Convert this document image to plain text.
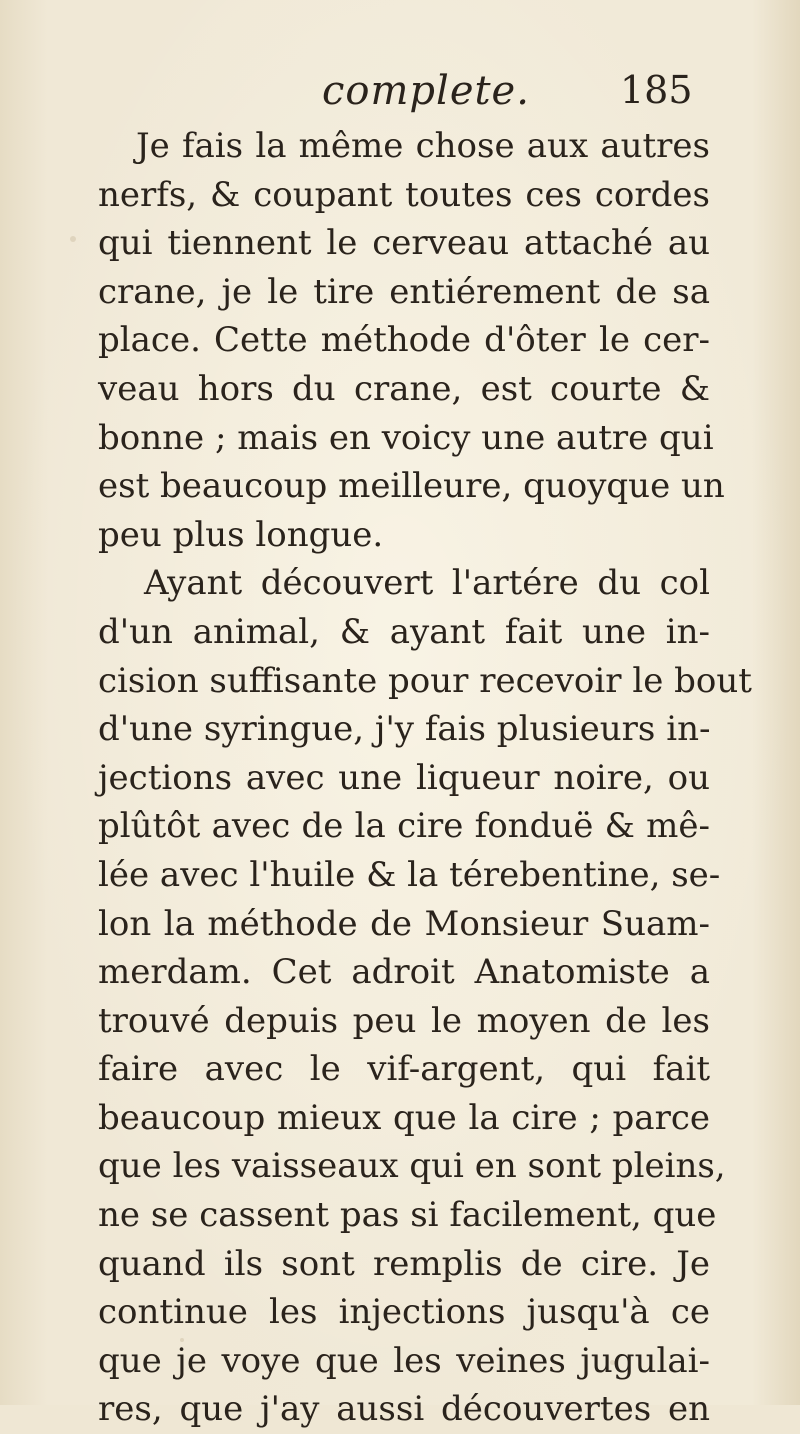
complete. 185
Je fais la même chose aux autres
nerfs, & coupant toutes ces cordes
qui tiennent le cerveau attaché au
crane, je le tire entiérement de sa
place. Cette méthode d'ôter le cer-
veau hors du crane, est courte &
bonne ; mais en voicy une autre qui
est beaucoup meilleure, quoyque un
peu plus longue.
Ayant découvert l'artére du col
d'un animal, & ayant fait une in-
cision suffisante pour recevoir le bout
d'une syringue, j'y fais plusieurs in-
jections avec une liqueur noire, ou
plûtôt avec de la cire fonduë & mê-
lée avec l'huile & la térebentine, se-
lon la méthode de Monsieur Suam-
merdam. Cet adroit Anatomiste a
trouvé depuis peu le moyen de les
faire avec le vif-argent, qui fait
beaucoup mieux que la cire ; parce
que les vaisseaux qui en sont pleins,
ne se cassent pas si facilement, que
quand ils sont remplis de cire. Je
continue les injections jusqu'à ce
que je voye que les veines jugulai-
res, que j'ay aussi découvertes en
